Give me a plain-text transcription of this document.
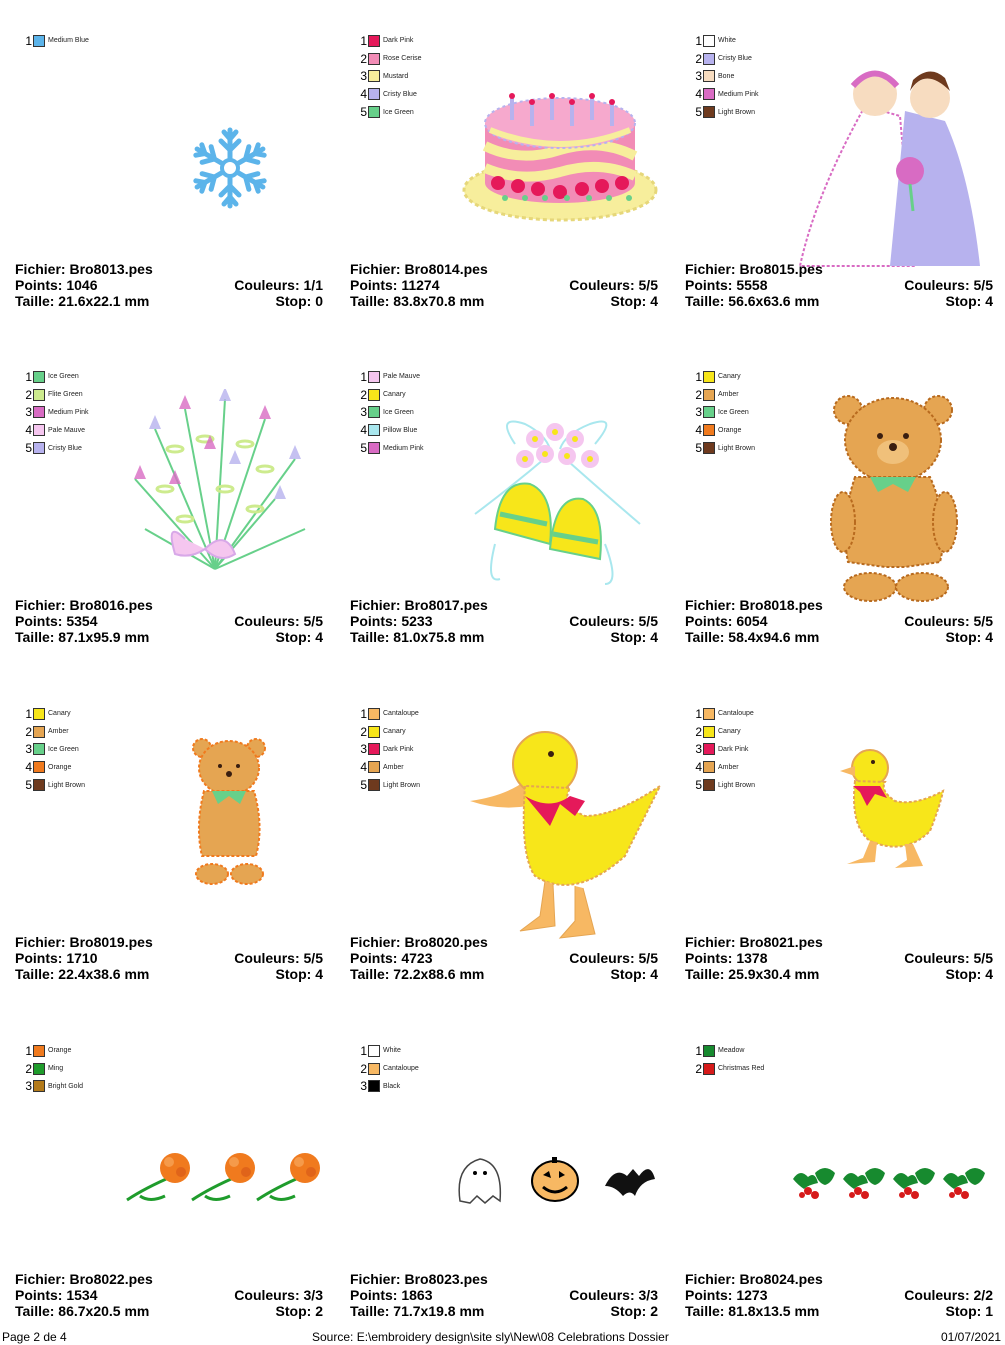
1 Medium Blue
Fichier: Bro8013.pes
Points: 1046
Taille: 21.6x22.1 mm
Couleurs: 1/1
Stop: 0
1 Dark Pink
2 Rose Cerise
3 Mustard
4 Cristy Blue
5 Ice Green
Fichier: Bro8014.pes
Points: 11274
Taille: 83.8x70.8 mm
Couleurs: 5/5
Stop: 4
1 White
2 Cristy Blue
3 Bone
4 Medium Pink
5 Light Brown
Fichier: Bro8015.pes
Points: 5558
Taille: 56.6x63.6 mm
Couleurs: 5/5
Stop: 4
1 Ice Green
2 Flite Green
3 Medium Pink
4 Pale Mauve
5 Cristy Blue
Fichier: Bro8016.pes
Points: 5354
Taille: 87.1x95.9 mm
Couleurs: 5/5
Stop: 4
1 Pale Mauve
2 Canary
3 Ice Green
4 Pillow Blue
5 Medium Pink
Fichier: Bro8017.pes
Points: 5233
Taille: 81.0x75.8 mm
Couleurs: 5/5
Stop: 4
1 Canary
2 Amber
3 Ice Green
4 Orange
5 Light Brown
Fichier: Bro8018.pes
Points: 6054
Taille: 58.4x94.6 mm
Couleurs: 5/5
Stop: 4
1 Canary
2 Amber
3 Ice Green
4 Orange
5 Light Brown
Fichier: Bro8019.pes
Points: 1710
Taille: 22.4x38.6 mm
Couleurs: 5/5
Stop: 4
1 Cantaloupe
2 Canary
3 Dark Pink
4 Amber
5 Light Brown
Fichier: Bro8020.pes
Points: 4723
Taille: 72.2x88.6 mm
Couleurs: 5/5
Stop: 4
1 Cantaloupe
2 Canary
3 Dark Pink
4 Amber
5 Light Brown
Fichier: Bro8021.pes
Points: 1378
Taille: 25.9x30.4 mm
Couleurs: 5/5
Stop: 4
1 Orange
2 Ming
3 Bright Gold
Fichier: Bro8022.pes
Points: 1534
Taille: 86.7x20.5 mm
Couleurs: 3/3
Stop: 2
1 White
2 Cantaloupe
3 Black
Fichier: Bro8023.pes
Points: 1863
Taille: 71.7x19.8 mm
Couleurs: 3/3
Stop: 2
1 Meadow
2 Christmas Red
Fichier: Bro8024.pes
Points: 1273
Taille: 81.8x13.5 mm
Couleurs: 2/2
Stop: 1
Page 2 de 4	Source: E:\embroidery design\site sly\New\08 Celebrations Dossier	01/07/2021
